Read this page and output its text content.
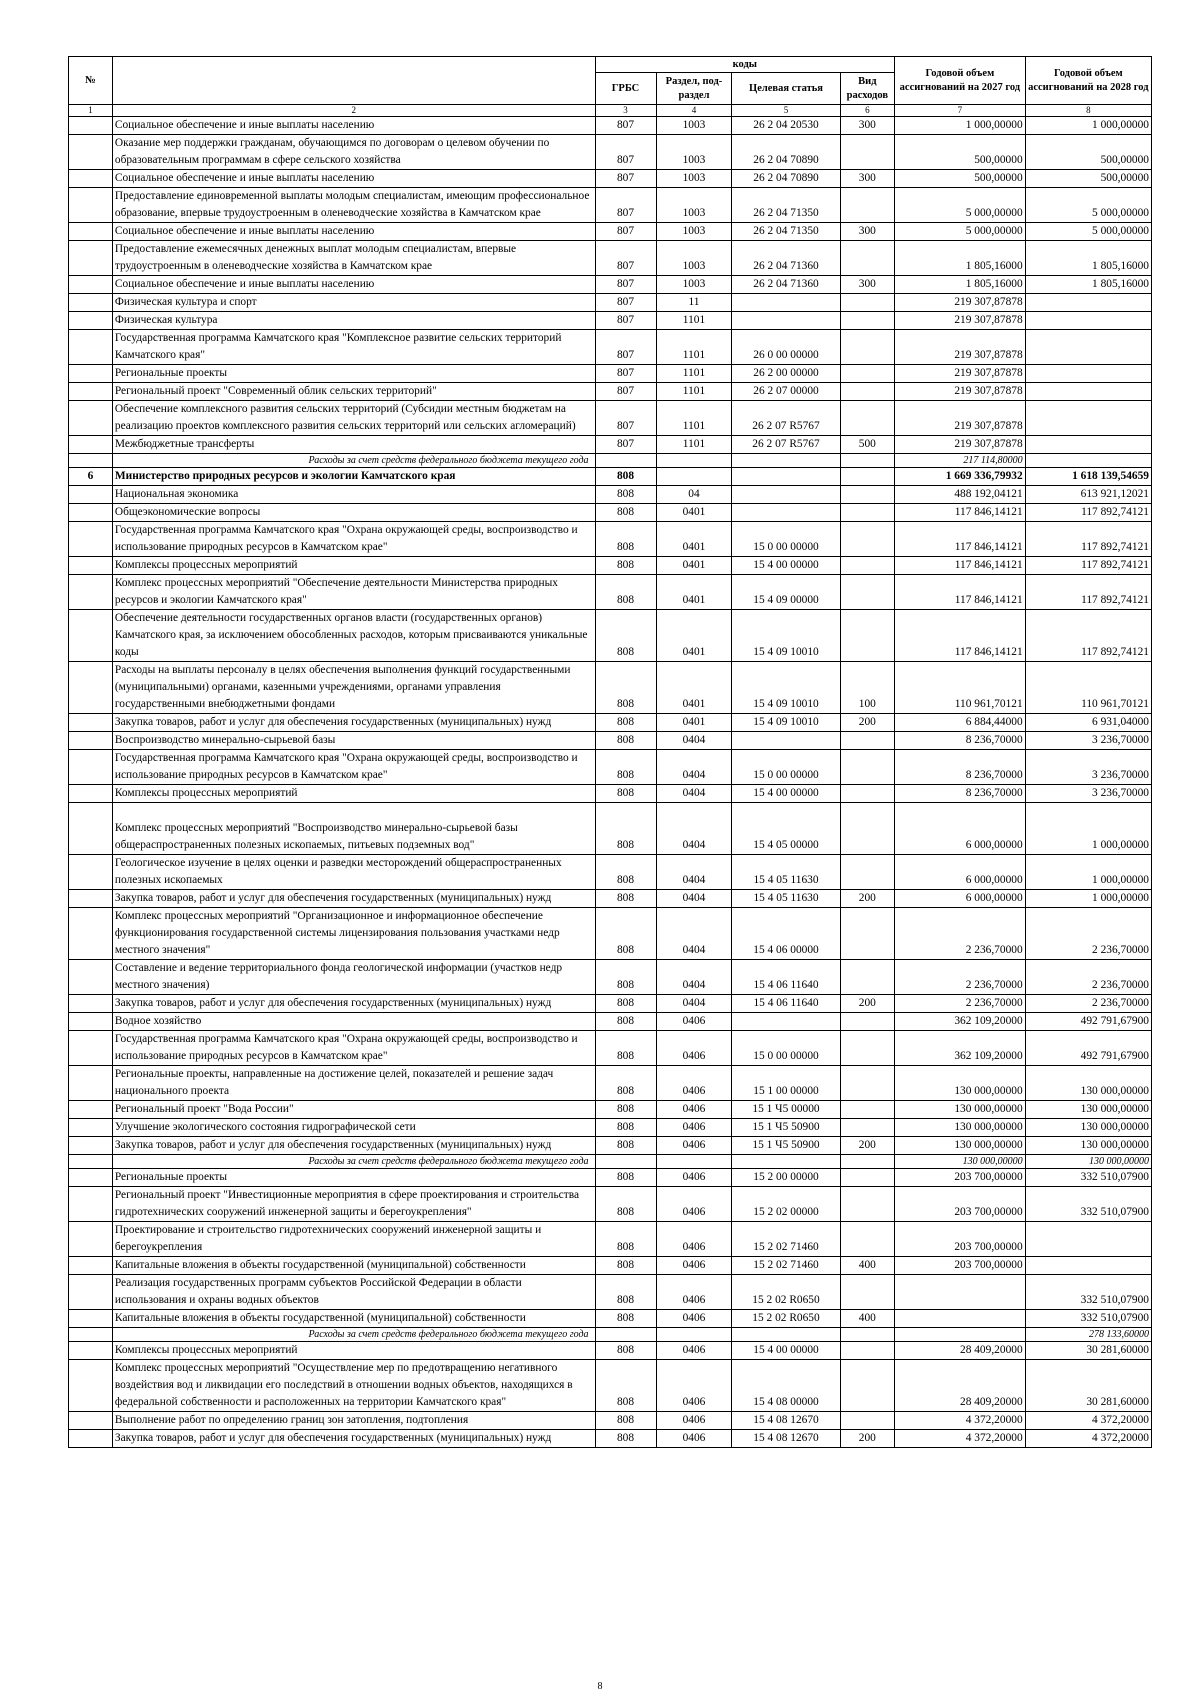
№		коды				Годовой объем ассигнований на 2027 год	Годовой объем ассигнований на 2028 год
		ГРБС	Раздел, под-раздел	Целевая статья	Вид расходов		
1	2	3	4	5	6	7	8
	Социальное обеспечение и иные выплаты населению	807	1003	26 2 04 20530	300	1 000,00000	1 000,00000
	Оказание мер поддержки гражданам, обучающимся по договорам о целевом обучении по образовательным программам в сфере сельского хозяйства	807	1003	26 2 04 70890		500,00000	500,00000
	Социальное обеспечение и иные выплаты населению	807	1003	26 2 04 70890	300	500,00000	500,00000
	Предоставление единовременной выплаты молодым специалистам, имеющим профессиональное образование, впервые трудоустроенным в оленеводческие хозяйства в Камчатском крае	807	1003	26 2 04 71350		5 000,00000	5 000,00000
	Социальное обеспечение и иные выплаты населению	807	1003	26 2 04 71350	300	5 000,00000	5 000,00000
	Предоставление ежемесячных денежных выплат молодым специалистам, впервые трудоустроенным в оленеводческие хозяйства в Камчатском крае	807	1003	26 2 04 71360		1 805,16000	1 805,16000
	Социальное обеспечение и иные выплаты населению	807	1003	26 2 04 71360	300	1 805,16000	1 805,16000
	Физическая культура и спорт	807	11			219 307,87878	
	Физическая культура	807	1101			219 307,87878	
	Государственная программа Камчатского края "Комплексное развитие сельских территорий Камчатского края"	807	1101	26 0 00 00000		219 307,87878	
	Региональные проекты	807	1101	26 2 00 00000		219 307,87878	
	Региональный проект "Современный облик сельских территорий"	807	1101	26 2 07 00000		219 307,87878	
	Обеспечение комплексного развития сельских территорий (Субсидии местным бюджетам на реализацию проектов комплексного развития сельских территорий или сельских агломераций)	807	1101	26 2 07 R5767		219 307,87878	
	Межбюджетные трансферты	807	1101	26 2 07 R5767	500	219 307,87878	
	Расходы за счет средств федерального бюджета текущего года					217 114,80000	
6	Министерство природных ресурсов и экологии Камчатского края	808				1 669 336,79932	1 618 139,54659
	Национальная экономика	808	04			488 192,04121	613 921,12021
	Общеэкономические вопросы	808	0401			117 846,14121	117 892,74121
	Государственная программа Камчатского края "Охрана окружающей среды, воспроизводство и использование природных ресурсов в Камчатском крае"	808	0401	15 0 00 00000		117 846,14121	117 892,74121
	Комплексы процессных мероприятий	808	0401	15 4 00 00000		117 846,14121	117 892,74121
	Комплекс процессных мероприятий "Обеспечение деятельности Министерства природных ресурсов и экологии Камчатского края"	808	0401	15 4 09 00000		117 846,14121	117 892,74121
	Обеспечение деятельности государственных органов власти (государственных органов) Камчатского края, за исключением обособленных расходов, которым присваиваются уникальные коды	808	0401	15 4 09 10010		117 846,14121	117 892,74121
	Расходы на выплаты персоналу в целях обеспечения выполнения функций государственными (муниципальными) органами, казенными учреждениями, органами управления государственными внебюджетными фондами	808	0401	15 4 09 10010	100	110 961,70121	110 961,70121
	Закупка товаров, работ и услуг для обеспечения государственных (муниципальных) нужд	808	0401	15 4 09 10010	200	6 884,44000	6 931,04000
	Воспроизводство минерально-сырьевой базы	808	0404			8 236,70000	3 236,70000
	Государственная программа Камчатского края "Охрана окружающей среды, воспроизводство и использование природных ресурсов в Камчатском крае"	808	0404	15 0 00 00000		8 236,70000	3 236,70000
	Комплексы процессных мероприятий	808	0404	15 4 00 00000		8 236,70000	3 236,70000
	Комплекс процессных мероприятий "Воспроизводство минерально-сырьевой базы общераспространенных полезных ископаемых, питьевых подземных вод"	808	0404	15 4 05 00000		6 000,00000	1 000,00000
	Геологическое изучение в целях оценки и разведки месторождений общераспространенных полезных ископаемых	808	0404	15 4 05 11630		6 000,00000	1 000,00000
	Закупка товаров, работ и услуг для обеспечения государственных (муниципальных) нужд	808	0404	15 4 05 11630	200	6 000,00000	1 000,00000
	Комплекс процессных мероприятий "Организационное и информационное обеспечение функционирования государственной системы лицензирования пользования участками недр местного значения"	808	0404	15 4 06 00000		2 236,70000	2 236,70000
	Составление и ведение территориального фонда геологической информации (участков недр местного значения)	808	0404	15 4 06 11640		2 236,70000	2 236,70000
	Закупка товаров, работ и услуг для обеспечения государственных (муниципальных) нужд	808	0404	15 4 06 11640	200	2 236,70000	2 236,70000
	Водное хозяйство	808	0406			362 109,20000	492 791,67900
	Государственная программа Камчатского края "Охрана окружающей среды, воспроизводство и использование природных ресурсов в Камчатском крае"	808	0406	15 0 00 00000		362 109,20000	492 791,67900
	Региональные проекты, направленные на достижение целей, показателей и решение задач национального проекта	808	0406	15 1 00 00000		130 000,00000	130 000,00000
	Региональный проект "Вода России"	808	0406	15 1 Ч5 00000		130 000,00000	130 000,00000
	Улучшение экологического состояния гидрографической сети	808	0406	15 1 Ч5 50900		130 000,00000	130 000,00000
	Закупка товаров, работ и услуг для обеспечения государственных (муниципальных) нужд	808	0406	15 1 Ч5 50900	200	130 000,00000	130 000,00000
	Расходы за счет средств федерального бюджета текущего года					130 000,00000	130 000,00000
	Региональные проекты	808	0406	15 2 00 00000		203 700,00000	332 510,07900
	Региональный проект "Инвестиционные мероприятия в сфере проектирования и строительства гидротехнических сооружений инженерной защиты и берегоукрепления"	808	0406	15 2 02 00000		203 700,00000	332 510,07900
	Проектирование и строительство гидротехнических сооружений инженерной защиты и берегоукрепления	808	0406	15 2 02 71460		203 700,00000	
	Капитальные вложения в объекты государственной (муниципальной) собственности	808	0406	15 2 02 71460	400	203 700,00000	
	Реализация государственных программ субъектов Российской Федерации в области использования и охраны водных объектов	808	0406	15 2 02 R0650			332 510,07900
	Капитальные вложения в объекты государственной (муниципальной) собственности	808	0406	15 2 02 R0650	400		332 510,07900
	Расходы за счет средств федерального бюджета текущего года						278 133,60000
	Комплексы процессных мероприятий	808	0406	15 4 00 00000		28 409,20000	30 281,60000
	Комплекс процессных мероприятий "Осуществление мер по предотвращению негативного воздействия вод и ликвидации его последствий в отношении водных объектов, находящихся в федеральной собственности и расположенных на территории Камчатского края"	808	0406	15 4 08 00000		28 409,20000	30 281,60000
	Выполнение работ по определению границ зон затопления, подтопления	808	0406	15 4 08 12670		4 372,20000	4 372,20000
	Закупка товаров, работ и услуг для обеспечения государственных (муниципальных) нужд	808	0406	15 4 08 12670	200	4 372,20000	4 372,20000
8
